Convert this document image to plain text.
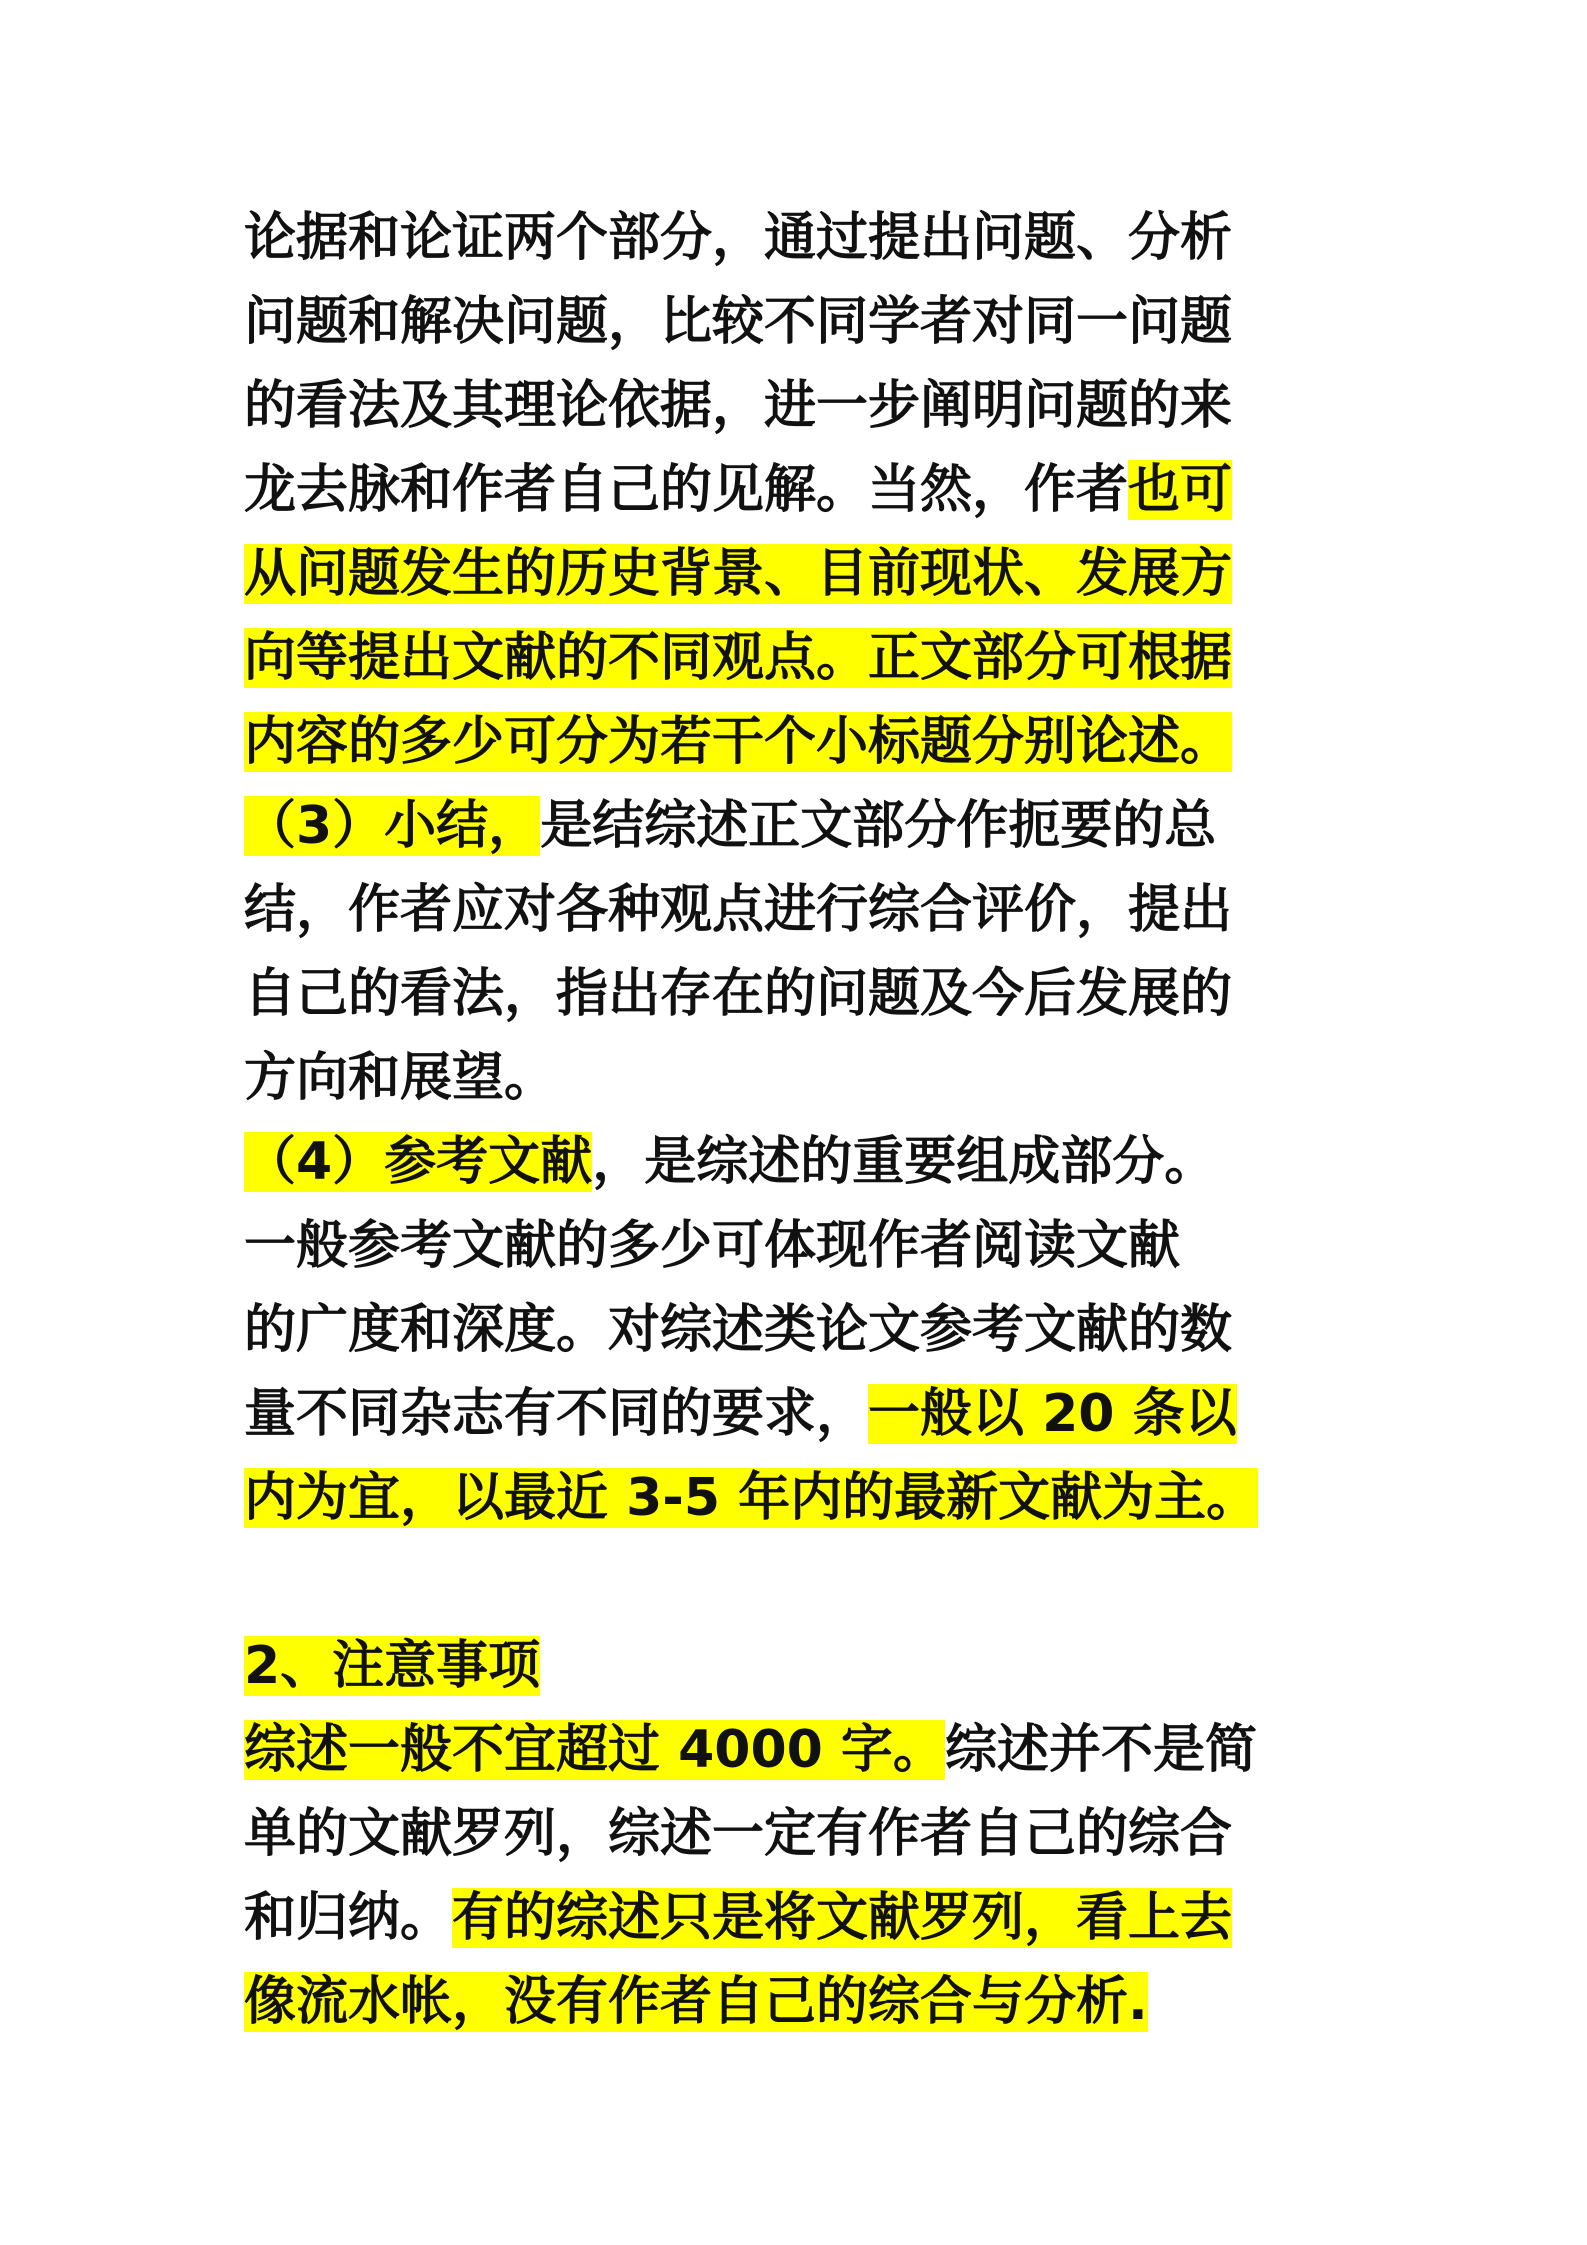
论据和论证两个部分，通过提出问题、分析
问题和解决问题，比较不同学者对同一问题
的看法及其理论依据，进一步阐明问题的来
龙去脉和作者自己的见解。当然，作者也可
从问题发生的历史背景、目前现状、发展方
向等提出文献的不同观点。正文部分可根据
内容的多少可分为若干个小标题分别论述。
（3）小结，是结综述正文部分作扼要的总
结，作者应对各种观点进行综合评价，提出
自己的看法，指出存在的问题及今后发展的
方向和展望。
（4）参考文献，是综述的重要组成部分。
一般参考文献的多少可体现作者阅读文献
的广度和深度。对综述类论文参考文献的数
量不同杂志有不同的要求，一般以 20 条以
内为宜，以最近 3-5 年内的最新文献为主。
2、注意事项
综述一般不宜超过 4000 字。综述并不是简
单的文献罗列，综述一定有作者自己的综合
和归纳。有的综述只是将文献罗列，看上去
像流水帐，没有作者自己的综合与分析.
